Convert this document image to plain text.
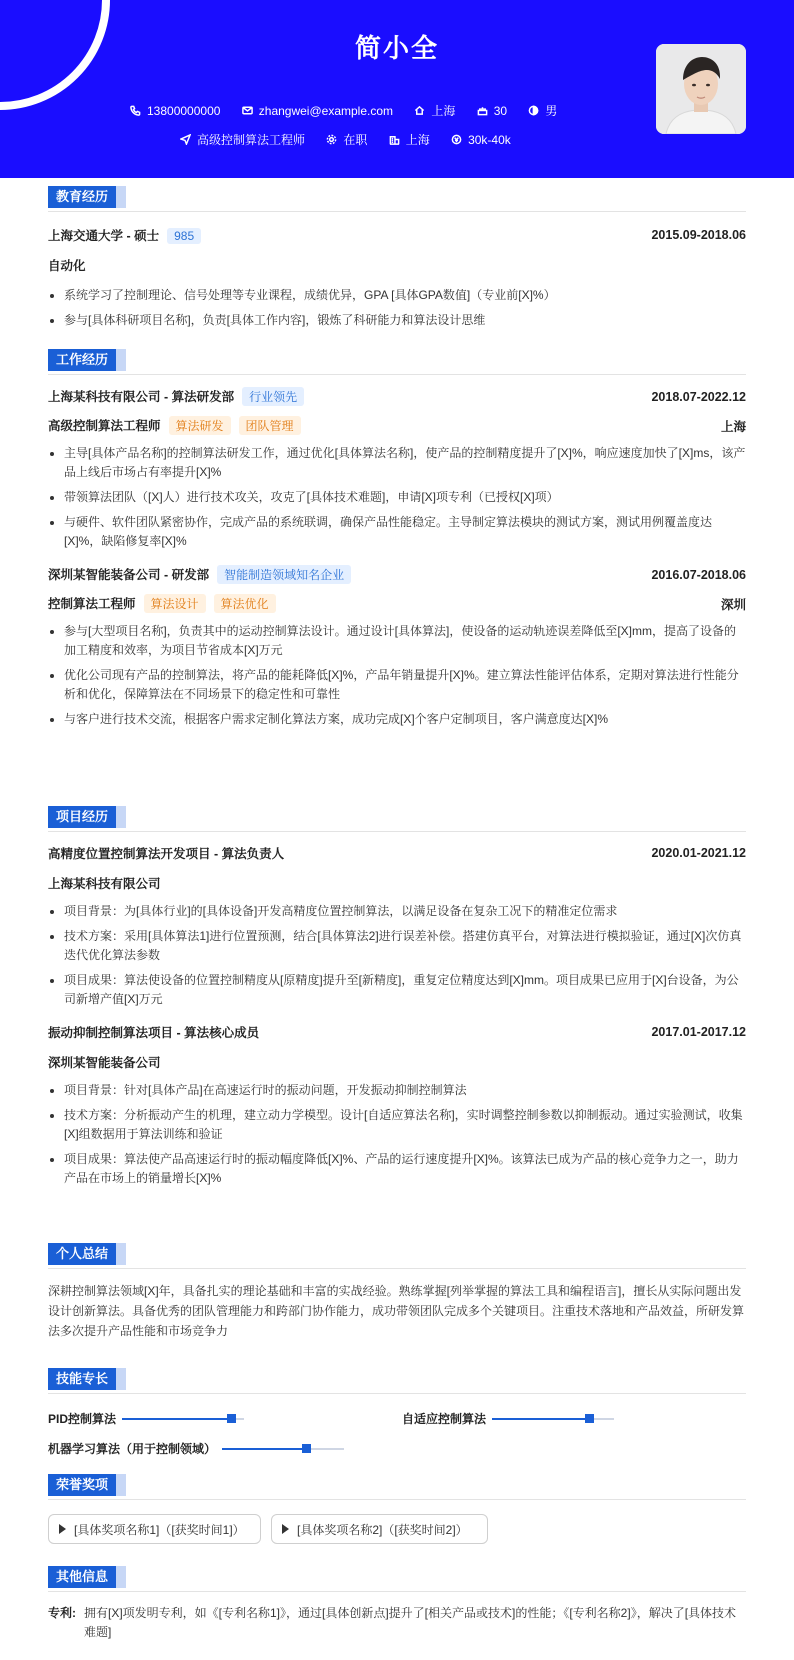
简小全
13800000000
	zhangwei@example.com
	上海
	30
	男
高级控制算法工程师
	在职
	上海
	30k-40k
教育经历
上海交通大学 - 硕士 985	2015.09-2018.06
自动化
系统学习了控制理论、信号处理等专业课程，成绩优异，GPA [具体GPA数值]（专业前[X]%）
参与[具体科研项目名称]，负责[具体工作内容]，锻炼了科研能力和算法设计思维
工作经历
上海某科技有限公司 - 算法研发部 行业领先	2018.07-2022.12
高级控制算法工程师 算法研发 团队管理	上海
主导[具体产品名称]的控制算法研发工作，通过优化[具体算法名称]，使产品的控制精度提升了[X]%，响应速度加快了[X]ms，该产品上线后市场占有率提升[X]%
带领算法团队（[X]人）进行技术攻关，攻克了[具体技术难题]，申请[X]项专利（已授权[X]项）
与硬件、软件团队紧密协作，完成产品的系统联调，确保产品性能稳定。主导制定算法模块的测试方案，测试用例覆盖度达[X]%，缺陷修复率[X]%
深圳某智能装备公司 - 研发部 智能制造领域知名企业	2016.07-2018.06
控制算法工程师 算法设计 算法优化	深圳
参与[大型项目名称]，负责其中的运动控制算法设计。通过设计[具体算法]，使设备的运动轨迹误差降低至[X]mm，提高了设备的加工精度和效率，为项目节省成本[X]万元
优化公司现有产品的控制算法，将产品的能耗降低[X]%，产品年销量提升[X]%。建立算法性能评估体系，定期对算法进行性能分析和优化，保障算法在不同场景下的稳定性和可靠性
与客户进行技术交流，根据客户需求定制化算法方案，成功完成[X]个客户定制项目，客户满意度达[X]%
项目经历
高精度位置控制算法开发项目 - 算法负责人	2020.01-2021.12
上海某科技有限公司
项目背景：为[具体行业]的[具体设备]开发高精度位置控制算法，以满足设备在复杂工况下的精准定位需求
技术方案：采用[具体算法1]进行位置预测，结合[具体算法2]进行误差补偿。搭建仿真平台，对算法进行模拟验证，通过[X]次仿真迭代优化算法参数
项目成果：算法使设备的位置控制精度从[原精度]提升至[新精度]，重复定位精度达到[X]mm。项目成果已应用于[X]台设备，为公司新增产值[X]万元
振动抑制控制算法项目 - 算法核心成员	2017.01-2017.12
深圳某智能装备公司
项目背景：针对[具体产品]在高速运行时的振动问题，开发振动抑制控制算法
技术方案：分析振动产生的机理，建立动力学模型。设计[自适应算法名称]，实时调整控制参数以抑制振动。通过实验测试，收集[X]组数据用于算法训练和验证
项目成果：算法使产品高速运行时的振动幅度降低[X]%、产品的运行速度提升[X]%。该算法已成为产品的核心竞争力之一，助力产品在市场上的销量增长[X]%
个人总结

深耕控制算法领域[X]年，具备扎实的理论基础和丰富的实战经验。熟练掌握[列举掌握的算法工具和编程语言]，擅长从实际问题出发设计创新算法。具备优秀的团队管理能力和跨部门协作能力，成功带领团队完成多个关键项目。注重技术落地和产品效益，所研发算法多次提升产品性能和市场竞争力

技能专长
PID控制算法	自适应控制算法
机器学习算法（用于控制领域）
荣誉奖项
[具体奖项名称1]（[获奖时间1]）	[具体奖项名称2]（[获奖时间2]）
其他信息
专利: 拥有[X]项发明专利，如《[专利名称1]》，通过[具体创新点]提升了[相关产品或技术]的性能；《[专利名称2]》，解决了[具体技术难题]
